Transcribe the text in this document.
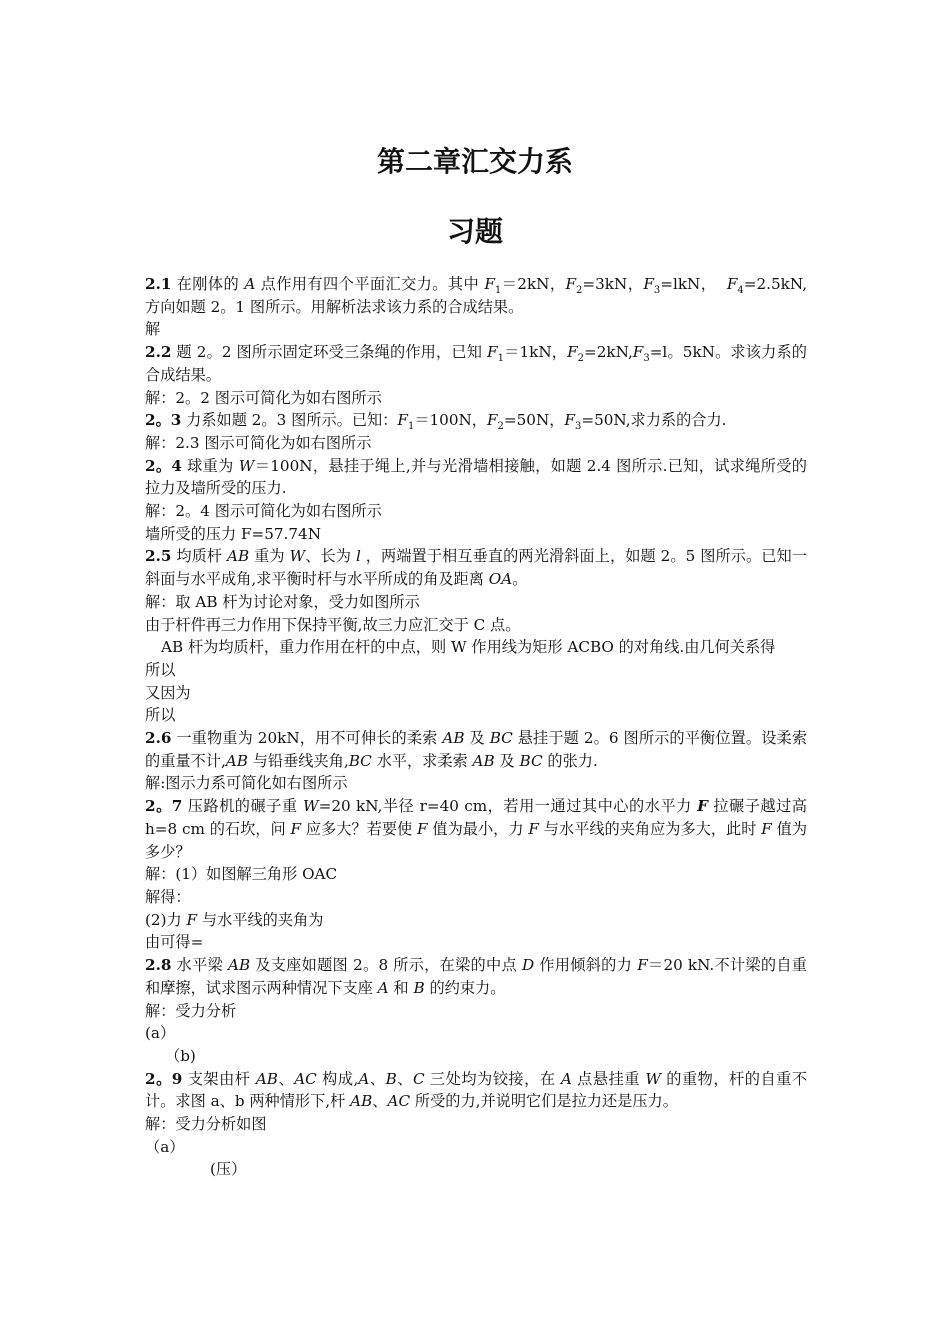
第二章汇交力系
习题

2.1 在刚体的 A 点作用有四个平面汇交力。其中 $F_1=2kN$，$F_2=3kN$，$F_3=lkN$，  $F_4=2.5kN$,方向如题 2。1 图所示。用解析法求该力系的合成结果。

解

2.2 题 2。2 图所示固定环受三条绳的作用，已知 $F_1=1kN$，$F_2=2kN,F_3=l$。5kN。求该力系的合成结果。

解：2。2 图示可简化为如右图所示

2。3 力系如题 2。3 图所示。已知：$F_1=100N$，$F_2=50N$，$F_3=50N$,求力系的合力.

解：2.3 图示可简化为如右图所示

2。4 球重为 W＝100N，悬挂于绳上,并与光滑墙相接触，如题 2.4 图所示.已知，试求绳所受的拉力及墙所受的压力.

解：2。4 图示可简化为如右图所示

墙所受的压力 F=57.74N

2.5 均质杆 AB 重为 W、长为 l ，两端置于相互垂直的两光滑斜面上，如题 2。5 图所示。已知一斜面与水平成角,求平衡时杆与水平所成的角及距离 OA。

解：取 AB 杆为讨论对象，受力如图所示

由于杆件再三力作用下保持平衡,故三力应汇交于 C 点。

AB 杆为均质杆，重力作用在杆的中点，则 W 作用线为矩形 ACBO 的对角线.由几何关系得

所以

又因为

所以

2.6 一重物重为 20kN，用不可伸长的柔索 AB 及 BC 悬挂于题 2。6 图所示的平衡位置。设柔索的重量不计,AB 与铅垂线夹角,BC 水平，求柔索 AB 及 BC 的张力.

解:图示力系可简化如右图所示

2。7 压路机的碾子重 W=20 kN,半径 r=40 cm，若用一通过其中心的水平力 F 拉碾子越过高 h=8 cm 的石坎，问 F 应多大？若要使 F 值为最小，力 F 与水平线的夹角应为多大，此时 F 值为多少？

解：(1）如图解三角形 OAC

解得：

(2)力 F 与水平线的夹角为

由可得=

2.8 水平梁 AB 及支座如题图 2。8 所示，在梁的中点 D 作用倾斜的力 F＝20 kN.不计梁的自重和摩擦，试求图示两种情况下支座 A 和 B 的约束力。

解：受力分析

(a）

（b)

2。9 支架由杆 AB、AC 构成,A、B、C 三处均为铰接，在 A 点悬挂重 W 的重物，杆的自重不计。求图 a、b 两种情形下,杆 AB、AC 所受的力,并说明它们是拉力还是压力。

解：受力分析如图

（a）

(压）
